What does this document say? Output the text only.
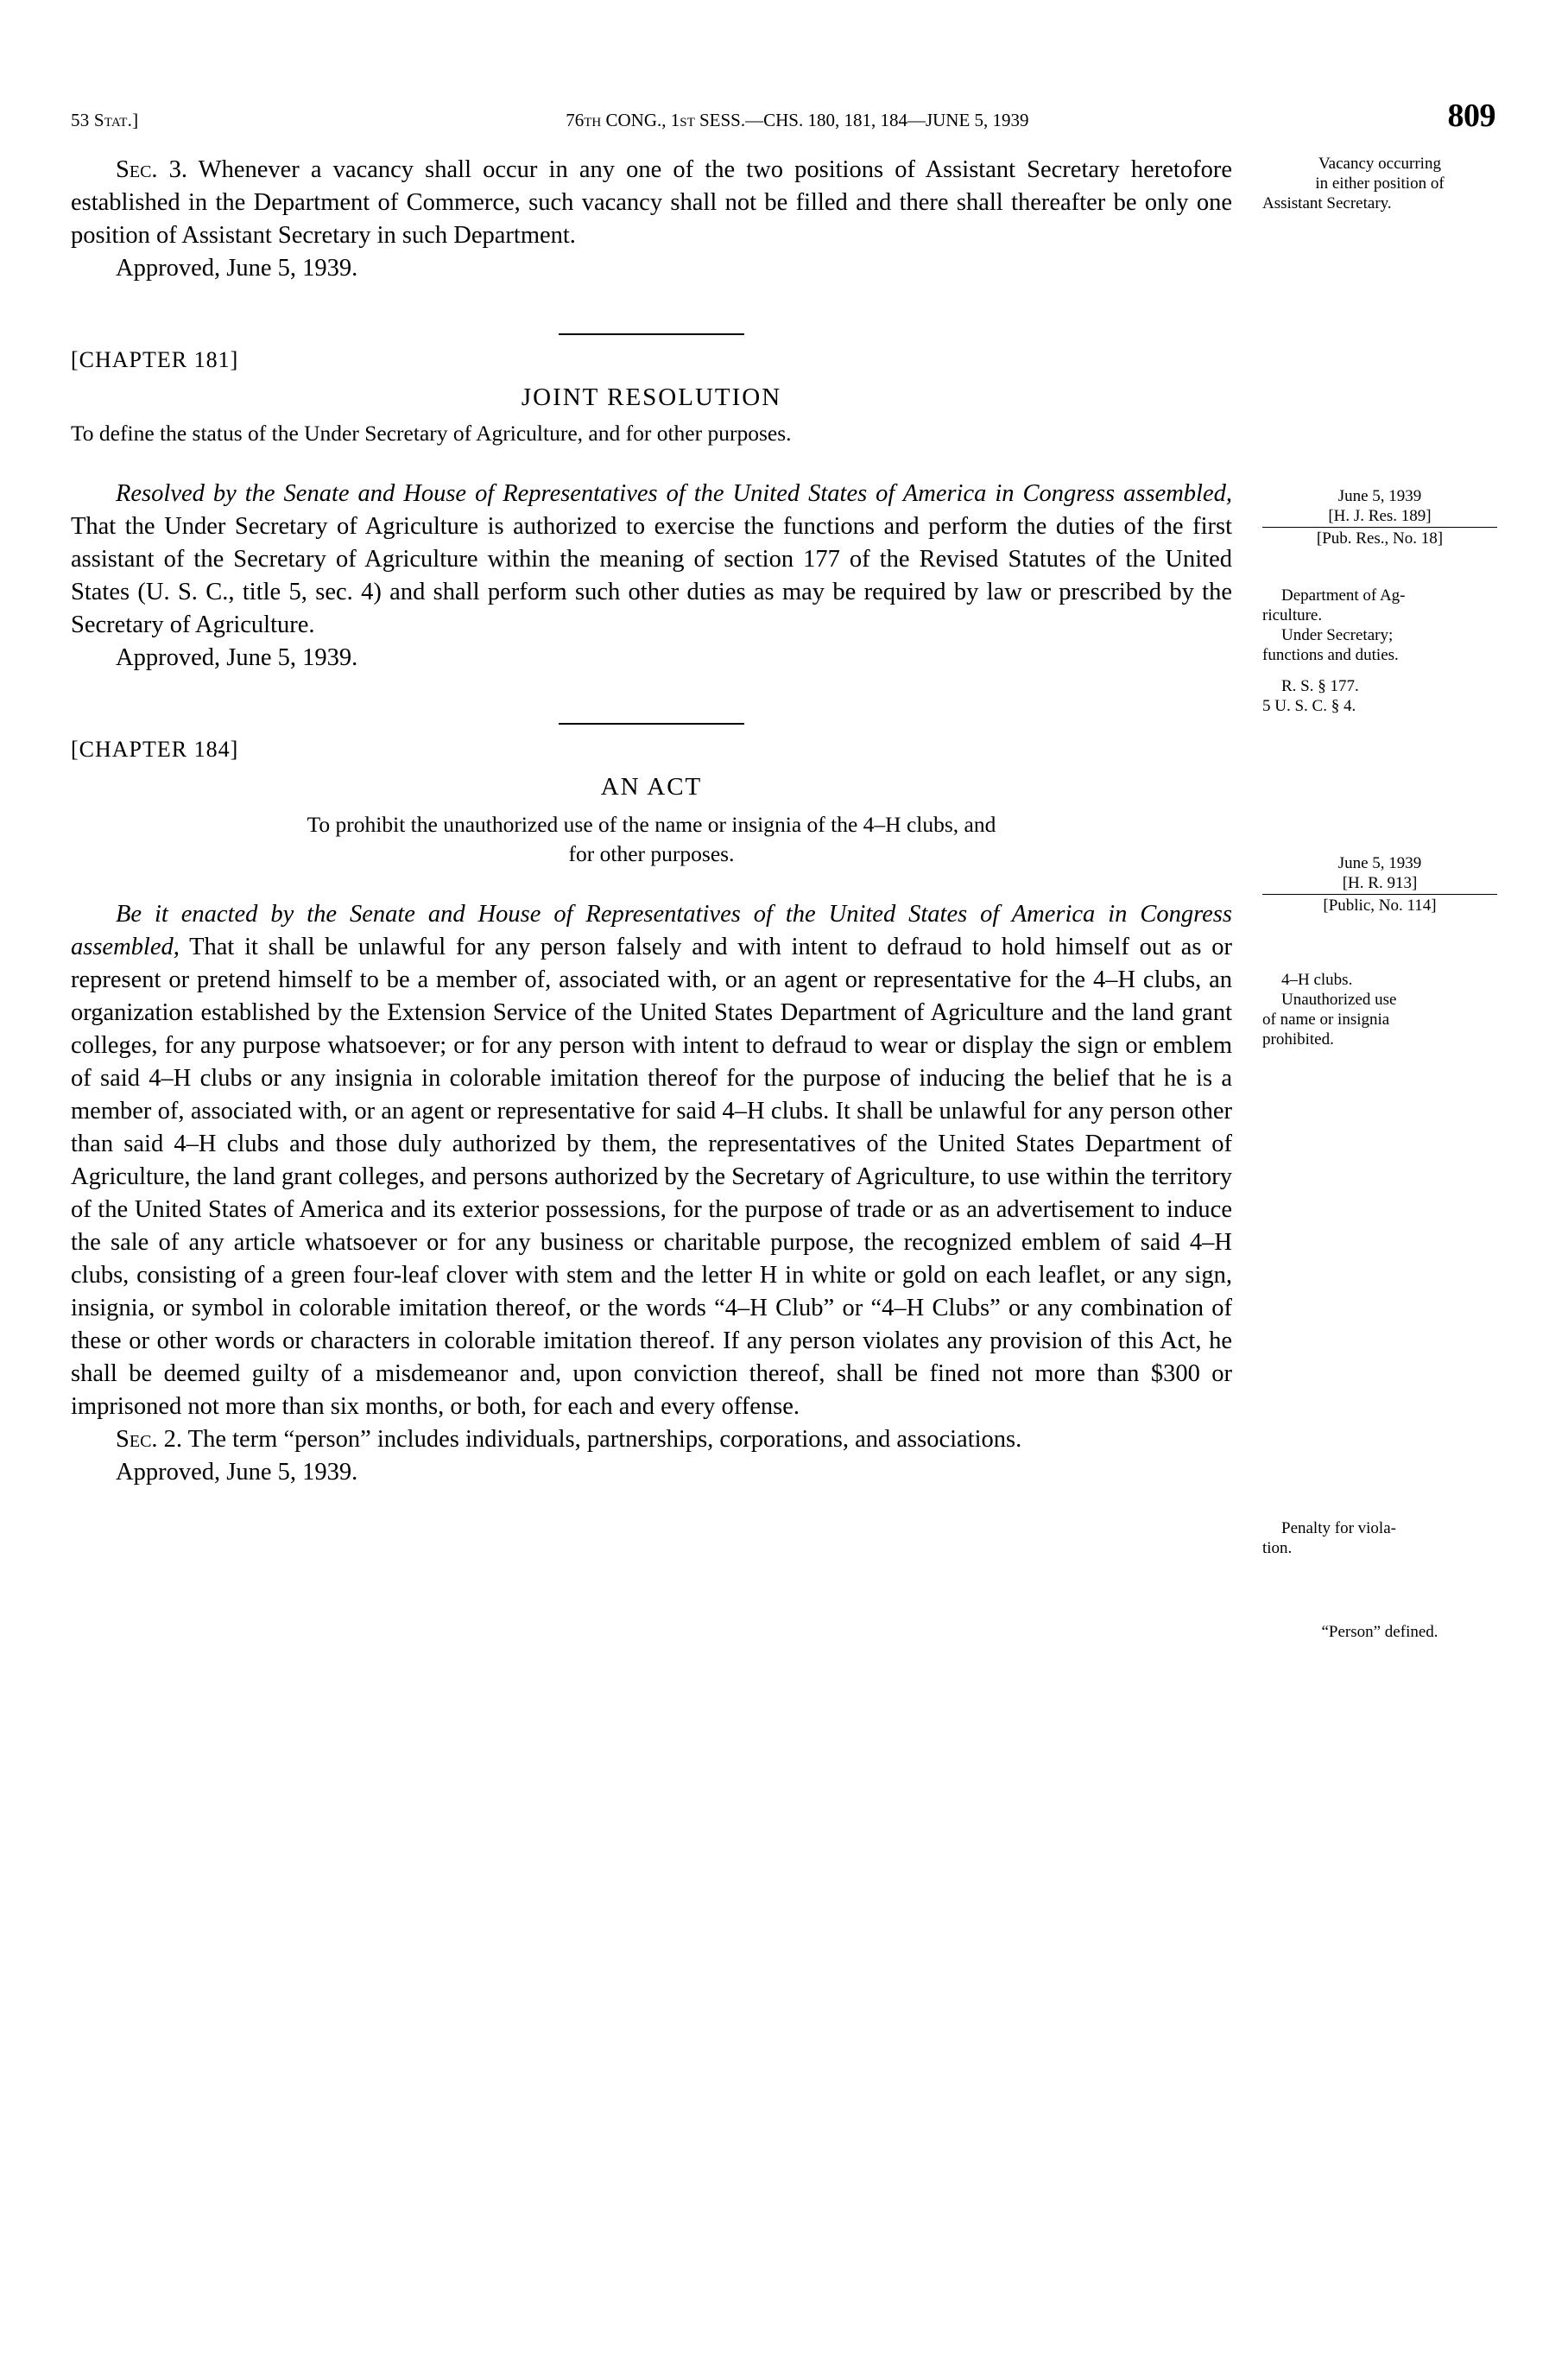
53 Stat.]	76th CONG., 1st SESS.—CHS. 180, 181, 184—JUNE 5, 1939	809

Sec. 3. Whenever a vacancy shall occur in any one of the two positions of Assistant Secretary heretofore established in the Department of Commerce, such vacancy shall not be filled and there shall thereafter be only one position of Assistant Secretary in such Department.

Approved, June 5, 1939.

[CHAPTER 181]

JOINT RESOLUTION

To define the status of the Under Secretary of Agriculture, and for other purposes.

Resolved by the Senate and House of Representatives of the United States of America in Congress assembled, That the Under Secretary of Agriculture is authorized to exercise the functions and perform the duties of the first assistant of the Secretary of Agriculture within the meaning of section 177 of the Revised Statutes of the United States (U. S. C., title 5, sec. 4) and shall perform such other duties as may be required by law or prescribed by the Secretary of Agriculture.

Approved, June 5, 1939.

[CHAPTER 184]

AN ACT

To prohibit the unauthorized use of the name or insignia of the 4–H clubs, and

for other purposes.

Be it enacted by the Senate and House of Representatives of the United States of America in Congress assembled, That it shall be unlawful for any person falsely and with intent to defraud to hold himself out as or represent or pretend himself to be a member of, associated with, or an agent or representative for the 4–H clubs, an organization established by the Extension Service of the United States Department of Agriculture and the land grant colleges, for any purpose whatsoever; or for any person with intent to defraud to wear or display the sign or emblem of said 4–H clubs or any insignia in colorable imitation thereof for the purpose of inducing the belief that he is a member of, associated with, or an agent or representative for said 4–H clubs. It shall be unlawful for any person other than said 4–H clubs and those duly authorized by them, the representatives of the United States Department of Agriculture, the land grant colleges, and persons authorized by the Secretary of Agriculture, to use within the territory of the United States of America and its exterior possessions, for the purpose of trade or as an advertisement to induce the sale of any article whatsoever or for any business or charitable purpose, the recognized emblem of said 4–H clubs, consisting of a green four-leaf clover with stem and the letter H in white or gold on each leaflet, or any sign, insignia, or symbol in colorable imitation thereof, or the words “4–H Club” or “4–H Clubs” or any combination of these or other words or characters in colorable imitation thereof. If any person violates any provision of this Act, he shall be deemed guilty of a misdemeanor and, upon conviction thereof, shall be fined not more than $300 or imprisoned not more than six months, or both, for each and every offense.

Sec. 2. The term “person” includes individuals, partnerships, corporations, and associations.

Approved, June 5, 1939.

Vacancy occurring
in either position of
Assistant Secretary.

June 5, 1939
[H. J. Res. 189]

[Pub. Res., No. 18]

Department of Ag-
riculture.
Under Secretary;
functions and duties.

R. S. § 177.
5 U. S. C. § 4.

June 5, 1939
[H. R. 913]

[Public, No. 114]

4–H clubs.
Unauthorized use
of name or insignia
prohibited.

Penalty for viola-
tion.

“Person” defined.
